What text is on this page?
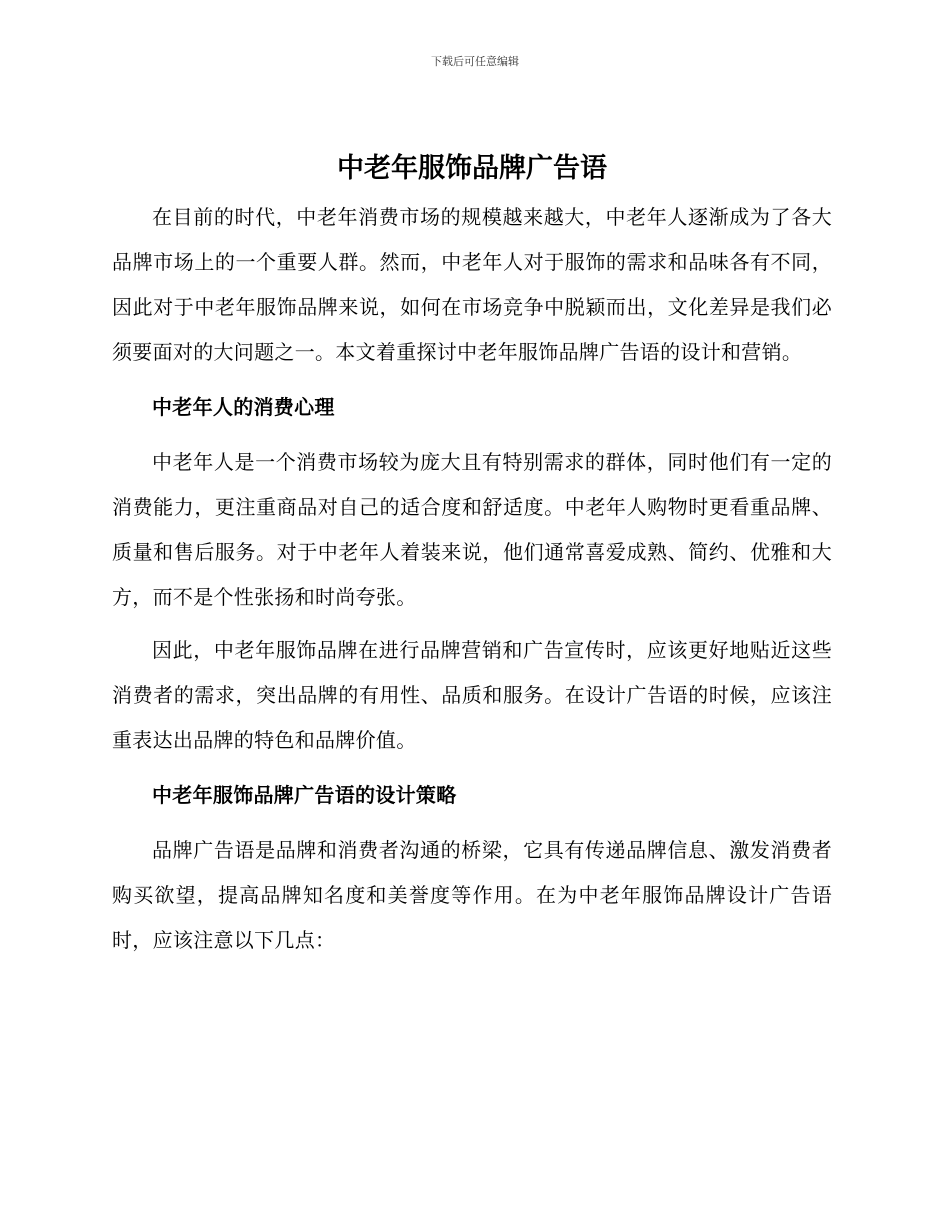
下载后可任意编辑
中老年服饰品牌广告语

在目前的时代，中老年消费市场的规模越来越大，中老年人逐渐成为了各大品牌市场上的一个重要人群。然而，中老年人对于服饰的需求和品味各有不同，因此对于中老年服饰品牌来说，如何在市场竞争中脱颖而出，文化差异是我们必须要面对的大问题之一。本文着重探讨中老年服饰品牌广告语的设计和营销。

中老年人的消费心理

中老年人是一个消费市场较为庞大且有特别需求的群体，同时他们有一定的消费能力，更注重商品对自己的适合度和舒适度。中老年人购物时更看重品牌、质量和售后服务。对于中老年人着装来说，他们通常喜爱成熟、简约、优雅和大方，而不是个性张扬和时尚夸张。

因此，中老年服饰品牌在进行品牌营销和广告宣传时，应该更好地贴近这些消费者的需求，突出品牌的有用性、品质和服务。在设计广告语的时候，应该注重表达出品牌的特色和品牌价值。

中老年服饰品牌广告语的设计策略

品牌广告语是品牌和消费者沟通的桥梁，它具有传递品牌信息、激发消费者购买欲望，提高品牌知名度和美誉度等作用。在为中老年服饰品牌设计广告语时，应该注意以下几点：
